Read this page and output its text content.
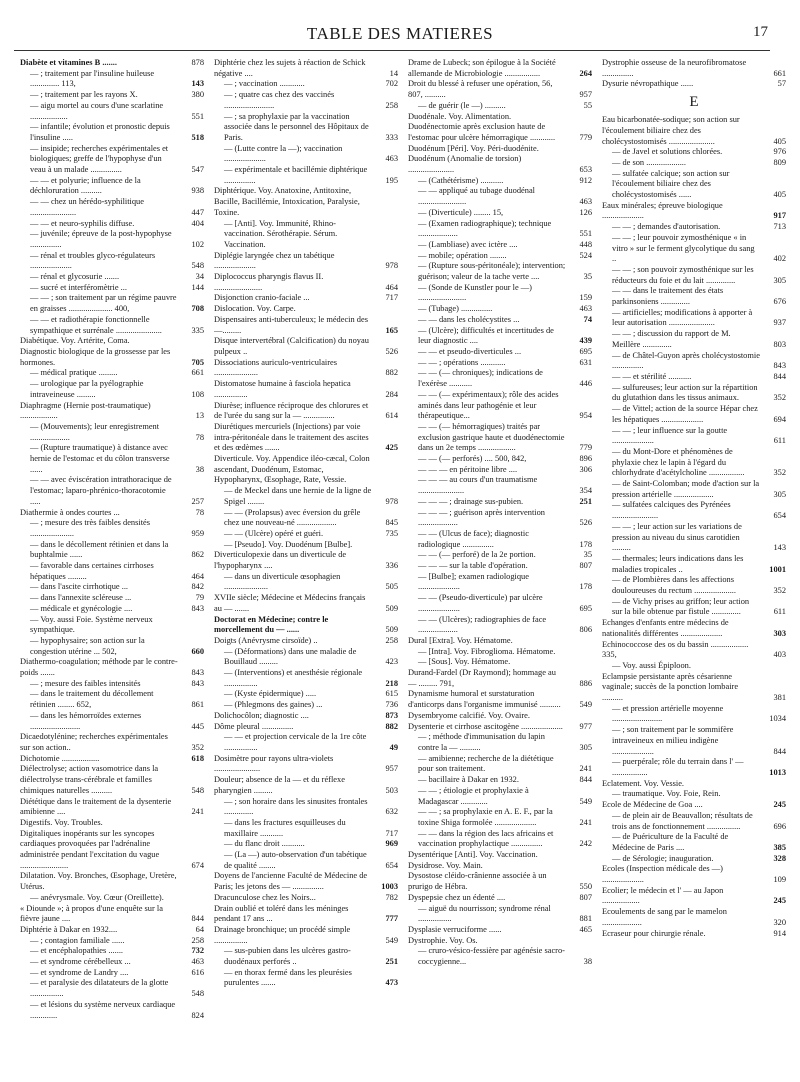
TABLE DES MATIERES	17

Diabète et vitamines B .......	878

— ; traitement par l'insuline huileuse .............. 113,	143

— ; traitement par les rayons X.	380

— aigu mortel au cours d'une scarlatine ..................	551

— infantile; évolution et pronostic depuis l'insuline .....	518

— insipide; recherches expérimentales et biologiques; greffe de l'hypophyse d'un veau à un malade ...............	547

— — et polyurie; influence de la déchloruration ..........	938

— — chez un hérédo-syphilitique ......................	447

— — et neuro-syphilis diffuse.	404

— juvénile; épreuve de la post-hypophyse ...............	102

— rénal et troubles glyco-régulateurs ....................	548

— rénal et glycosurie .......	34

— sucré et interféromètrie ...	144

— — ; son traitement par un régime pauvre en graisses ..................... 400,	708

— — et radiothérapie fonctionnelle sympathique et surrénale ......................	335

Diabétique. Voy. Artérite, Coma.

Diagnostic biologique de la grossesse par les hormones.	705

— médical pratique .........	661

— urologique par la pyélographie intraveineuse .........	108

Diaphragme (Hernie post-traumatique) ..................	13

— (Mouvements); leur enregistrement ...................	78

— (Rupture traumatique) à distance avec hernie de l'estomac et du côlon transverse ......	38

— — avec éviscération intrathoracique de l'estomac; laparo-phrénico-thoracotomie .....	257

Diathermie à ondes courtes ...	78

— ; mesure des très faibles densités .....................	959

— dans le décollement rétinien et dans la buphtalmie ......	862

— favorable dans certaines cirrhoses hépatiques .........	464

— dans l'ascite cirrhotique ...	842

— dans l'annexite scléreuse ...	79

— médicale et gynécologie ....	843

— Voy. aussi Foie. Système nerveux sympathique.

— hypophysaire; son action sur la congestion utérine ... 502,	660

Diathermo-coagulation; méthode par le contre-poids .......	843

— ; mesure des faibles intensités	843

— dans le traitement du décollement rétinien ........ 652,	861

— dans les hémorroïdes externes ........................	445

Dicaedotylénine; recherches expérimentales sur son action..	352

Dichotomie ..................	618

Diélectrolyse; action vasomotrice dans la diélectrolyse trans-cérébrale et familles chimiques naturelles ..........	548

Diététique dans le traitement de la dysenterie amibienne ....	241

Digestifs. Voy. Troubles.

Digitaliques inopérants sur les syncopes cardiaques provoquées par l'adrénaline administrée pendant l'excitation du vague .......................	674

Dilatation. Voy. Bronches, Œsophage, Uretère, Utérus.

— anévrysmale. Voy. Cœur (Oreillette).

« Diounde »; à propos d'une enquête sur la fièvre jaune ....	844

Diphtérie à Dakar en 1932....	64

— ; contagion familiale ......	258

— et encéphalopathies .......	732

— et syndrome cérébelleux ...	463

— et syndrome de Landry ....	616

— et paralysie des dilatateurs de la glotte ................	548

— et lésions du système nerveux cardiaque .............	824

Diphtérie chez les sujets à réaction de Schick négative ....	14

— ; vaccination ............	702

— ; quatre cas chez des vaccinés ........................	258

— ; sa prophylaxie par la vaccination associée dans le personnel des Hôpitaux de Paris.	333

— (Lutte contre la —); vaccination ....................	463

— expérimentale et bacillémie diphtérique ...............	195

Diphtérique. Voy. Anatoxine, Antitoxine, Bacille, Bacillémie, Intoxication, Paralysie, Toxine.

— [Anti]. Voy. Immunité, Rhino-vaccination. Sérothérapie. Sérum. Vaccination.

Diplégie laryngée chez un tabétique ....................	978

Diplococcus pharyngis flavus II. .......................	464

Disjonction cranio-faciale ...	717

Dislocation. Voy. Carpe.

Dispensaires anti-tuberculeux; le médecin des —.........	165

Disque intervertébral (Calcification) du noyau pulpeux ..	526

Dissociations auriculo-ventriculaires .....................	882

Distomatose humaine à fasciola hepatica ................	284

Diurèse; influence réciproque des chlorures et de l'urée du sang sur la — ...............	614

Diurétiques mercuriels (Injections) par voie intra-péritonéale dans le traitement des ascites et des œdèmes .......	425

Diverticule. Voy. Appendice iléo-cæcal, Colon ascendant, Duodénum, Estomac, Hypopharynx, Œsophage, Rate, Vessie.

— de Meckel dans une hernie de la ligne de Spigel ........	978

— — (Prolapsus) avec éversion du grêle chez une nouveau-né ...................	845

— — (Ulcère) opéré et guéri.	735

— [Pseudo]. Voy. Duodénum [Bulbe].

Diverticulopexie dans un diverticule de l'hypopharynx ....	336

— dans un diverticule œsophagien .....................	505

XVIIe siècle; Médecine et Médecins français au — .......	509

Doctorat en Médecine; contre le morcellement du — ......	509

Doigts (Anévrysme cirsoïde) ..	258

— (Déformations) dans une maladie de Bouillaud .........	423

— (Interventions) et anesthésie régionale ................	218

— (Kyste épidermique) .....	615

— (Phlegmons des gaines) ...	736

Dolichocôlon; diagnostic ....	873

Dôme pleural ...............	882

— — et projection cervicale de la 1re côte ................	49

Dosimètre pour rayons ultra-violets ......................	957

Douleur; absence de la — et du réflexe pharyngien .........	503

— ; son horaire dans les sinusites frontales ..............	632

— dans les fractures esquilleuses du maxillaire ...........	717

— du flanc droit ...........	969

— (La —) auto-observation d'un tabétique de qualité ........	654

Doyens de l'ancienne Faculté de Médecine de Paris; les jetons des — ...............	1003

Dracunculose chez les Noirs...	782

Drain oublié et toléré dans les méninges pendant 17 ans ...	777

Drainage bronchique; un procédé simple ................	549

— sus-pubien dans les ulcères gastro-duodénaux perforés ..	251

— en thorax fermé dans les pleurésies purulentes .......	473

Drame de Lubeck; son épilogue à la Société allemande de Microbiologie .................	264

Droit du blessé à refuser une opération, 56, 807, ..........	957

— de guérir (le —) ..........	55

Duodénale. Voy. Alimentation.

Duodénectomie après exclusion haute de l'estomac pour ulcère hémorragique ............	779

Duodénum [Péri]. Voy. Péri-duodénite.

Duodénum (Anomalie de torsion) ......................	653

— (Cathétérisme) ...........	912

— — appliqué au tubage duodénal .......................	463

— (Diverticule) ........ 15,	126

— (Examen radiographique); technique ...................	551

— (Lambliase) avec ictère ....	448

— mobile; opération ........	524

— (Rupture sous-péritonéale); intervention; guérison; valeur de la tache verte ....	35

— (Sonde de Kunstler pour le —) .......................	159

— (Tubage) ...............	463

— — dans les cholécystites ...	74

— (Ulcère); difficultés et incertitudes de leur diagnostic ....	439

— — et pseudo-diverticules ...	695

— — ; opérations ............	631

— — (— chroniques); indications de l'exérèse ...........	446

— — (— expérimentaux); rôle des acides aminés dans leur pathogénie et leur thérapeutique...	954

— — (— hémorragiques) traités par exclusion gastrique haute et duodénectomie dans un 2e temps ..................	779

— — (— perforés) .... 500, 842,	896

— — — en péritoine libre ....	306

— — — au cours d'un traumatisme ......................	354

— — — ; drainage sus-pubien.	251

— — — ; guérison après intervention ...................	526

— — (Ulcus de face); diagnostic radiologique ...............	178

— — (— perforé) de la 2e portion.	35

— — — sur la table d'opération.	807

— [Bulbe]; examen radiologique ....................	178

— — (Pseudo-diverticule) par ulcère ....................	695

— — (Ulcères); radiographies de face ...................	806

Dural [Extra]. Voy. Hématome.

— [Intra]. Voy. Fibroglioma. Hématome.

— [Sous]. Voy. Hématome.

Durand-Fardel (Dr Raymond); hommage au — ......... 791,	886

Dynamisme humoral et surstaturation d'anticorps dans l'organisme immunisé .......... 549

Dysembryome calcifié. Voy. Ovaire.

Dysenterie et cirrhose ascitogène .................... 977

— ; méthode d'immunisation du lapin contre la — ..........	305

— amibienne; recherche de la diététique pour son traitement.	241

— bacillaire à Dakar en 1932.	844

— — ; étiologie et prophylaxie à Madagascar .............	549

— — ; sa prophylaxie en A. E. F., par la toxine Shiga formolée ....................	241

— — dans la région des lacs africains et vaccination prophylactique ...............	242

Dysentérique [Anti]. Voy. Vaccination.

Dysidrose. Voy. Main.

Dysostose cléido-crânienne associée à un prurigo de Hébra.	550

Dyspepsie chez un édenté ....	807

— aiguë du nourrisson; syndrome rénal ................	881

Dysplasie verruciforme ......	465

Dystrophie. Voy. Os.

— cruro-vésico-fessière par agénésie sacro-coccygienne...	38

Dystrophie osseuse de la neurofibromatose ...............	661

Dysurie névropathique ......	57

E

Eau bicarbonatée-sodique; son action sur l'écoulement biliaire chez des cholécystostomisés ......................	405

— de Javel et solutions chlorées.	976

— de son ...................	809

— sulfatée calcique; son action sur l'écoulement biliaire chez des cholécystostomisés ......	405

Eaux minérales; épreuve biologique ....................	917

— — ; demandes d'autorisation.	713

— — ; leur pouvoir zymosthénique « in vitro » sur le ferment glycolytique du sang ..	402

— — ; son pouvoir zymosthénique sur les réducteurs du foie et du lait ..............	305

— — dans le traitement des états parkinsoniens ..............	676

— artificielles; modifications à apporter à leur autorisation ......................	937

— — ; discussion du rapport de M. Meillère ..............	803

— de Châtel-Guyon après cholécystostomie ...............	843

— — et stérilité ...........	844

— sulfureuses; leur action sur la répartition du glutathion dans les tissus animaux.	352

— de Vittel; action de la source Hépar chez les hépatiques ....................	694

— — ; leur influence sur la goutte ....................	611

— du Mont-Dore et phénomènes de phylaxie chez le lapin à l'égard du chlorhydrate d'acétylcholine .................	352

— de Saint-Colomban; mode d'action sur la pression artérielle ...................	305

— sulfatées calciques des Pyrénées ......................	654

— — ; leur action sur les variations de pression au niveau du sinus carotidien .........	143

— thermales; leurs indications dans les maladies tropicales ..	1001

— de Plombières dans les affections douloureuses du rectum ....................	352

— de Vichy prises au griffon; leur action sur la bile obtenue par fistule ..............	611

Echanges d'enfants entre médecins de nationalités différentes ....................	303

Echinococcose des os du bassin .................. 335,	403

— Voy. aussi Épiploon.

Eclampsie persistante après césarienne vaginale; succès de la ponction lombaire ..........	381

— et pression artérielle moyenne ........................	1034

— ; son traitement par le sommifère intraveineux en milieu indigène ....................	844

— puerpérale; rôle du terrain dans l' — .................	1013

Eclatement. Voy. Vessie.

— traumatique. Voy. Foie, Rein.

Ecole de Médecine de Goa ....	245

— de plein air de Beauvallon; résultats de trois ans de fonctionnement ................	696

— de Puériculture de la Faculté de Médecine de Paris ....	385

— de Sérologie; inauguration.	328

Ecoles (Inspection médicale des —) ....................	109

Ecolier; le médecin et l' — au Japon ..................	245

Ecoulements de sang par le mamelon ...................	320

Ecraseur pour chirurgie rénale.	914
